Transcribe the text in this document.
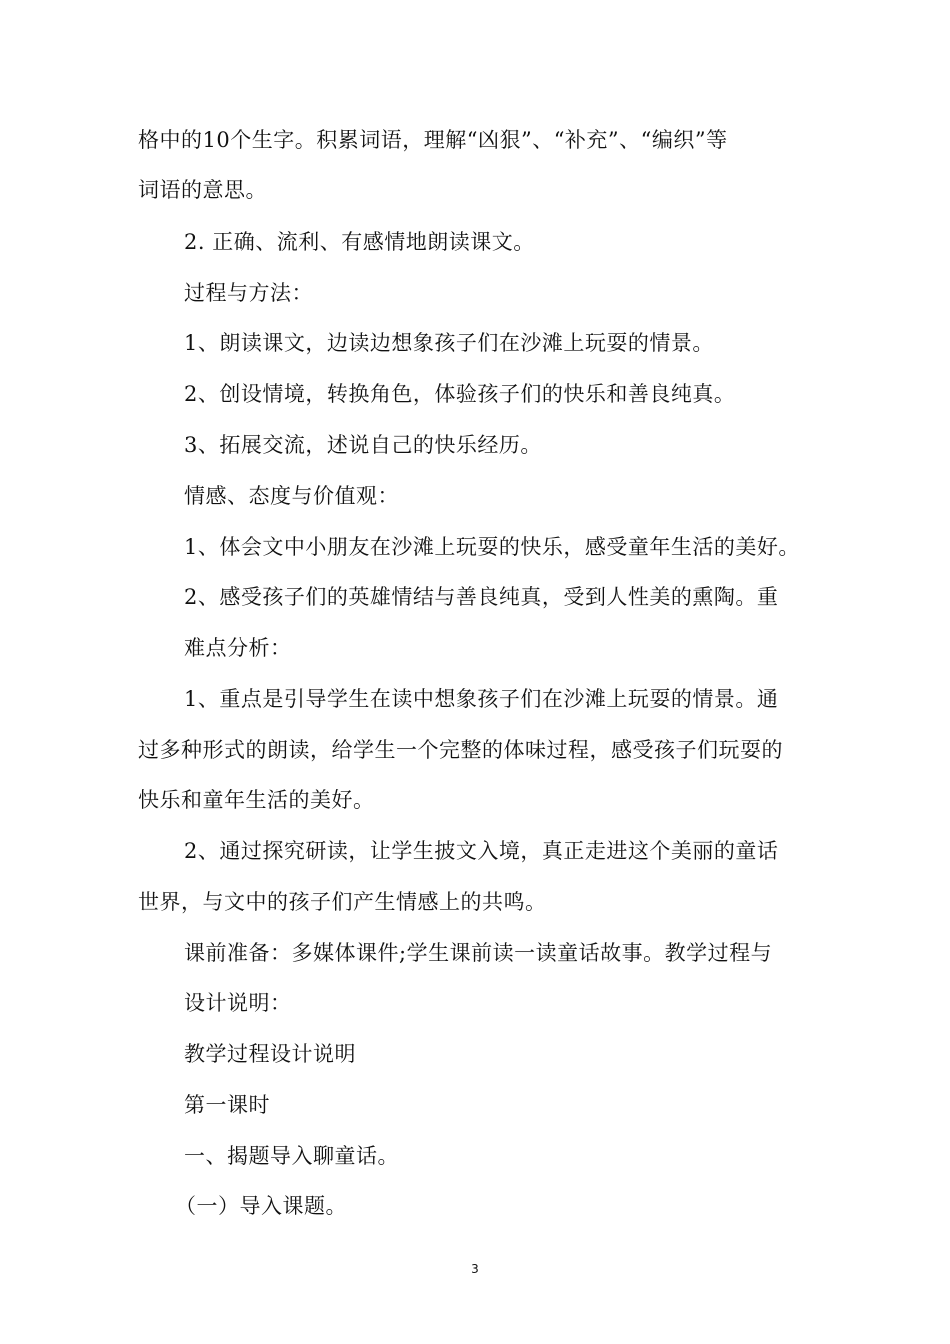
格中的10个生字。积累词语，理解“凶狠”、“补充”、“编织”等
词语的意思。
2. 正确、流利、有感情地朗读课文。
过程与方法：
1、朗读课文，边读边想象孩子们在沙滩上玩耍的情景。
2、创设情境，转换角色，体验孩子们的快乐和善良纯真。
3、拓展交流，述说自己的快乐经历。
情感、态度与价值观：
1、体会文中小朋友在沙滩上玩耍的快乐，感受童年生活的美好。
2、感受孩子们的英雄情结与善良纯真，受到人性美的熏陶。重
难点分析：
1、重点是引导学生在读中想象孩子们在沙滩上玩耍的情景。通
过多种形式的朗读，给学生一个完整的体味过程，感受孩子们玩耍的
快乐和童年生活的美好。
2、通过探究研读，让学生披文入境，真正走进这个美丽的童话
世界，与文中的孩子们产生情感上的共鸣。
课前准备：多媒体课件;学生课前读一读童话故事。教学过程与
设计说明：
教学过程设计说明
第一课时
一、揭题导入聊童话。
（一）导入课题。
3
